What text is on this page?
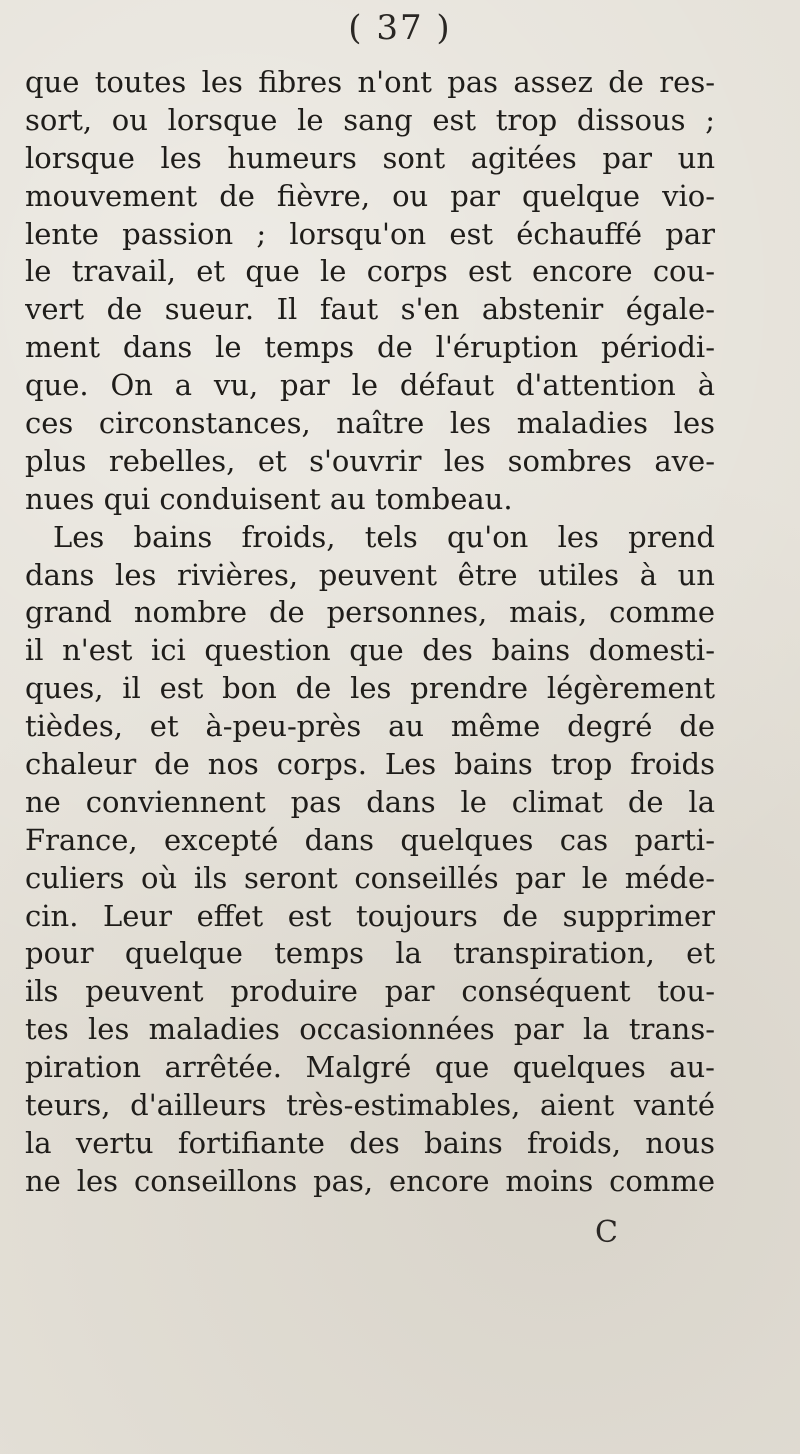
( 37 )
que toutes les fibres n'ont pas assez de res-
sort, ou lorsque le sang est trop dissous ;
lorsque les humeurs sont agitées par un
mouvement de fièvre, ou par quelque vio-
lente passion ; lorsqu'on est échauffé par
le travail, et que le corps est encore cou-
vert de sueur. Il faut s'en abstenir égale-
ment dans le temps de l'éruption périodi-
que. On a vu, par le défaut d'attention à
ces circonstances, naître les maladies les
plus rebelles, et s'ouvrir les sombres ave-
nues qui conduisent au tombeau.
Les bains froids, tels qu'on les prend
dans les rivières, peuvent être utiles à un
grand nombre de personnes, mais, comme
il n'est ici question que des bains domesti-
ques, il est bon de les prendre légèrement
tièdes, et à-peu-près au même degré de
chaleur de nos corps. Les bains trop froids
ne conviennent pas dans le climat de la
France, excepté dans quelques cas parti-
culiers où ils seront conseillés par le méde-
cin. Leur effet est toujours de supprimer
pour quelque temps la transpiration, et
ils peuvent produire par conséquent tou-
tes les maladies occasionnées par la trans-
piration arrêtée. Malgré que quelques au-
teurs, d'ailleurs très-estimables, aient vanté
la vertu fortifiante des bains froids, nous
ne les conseillons pas, encore moins comme
C
